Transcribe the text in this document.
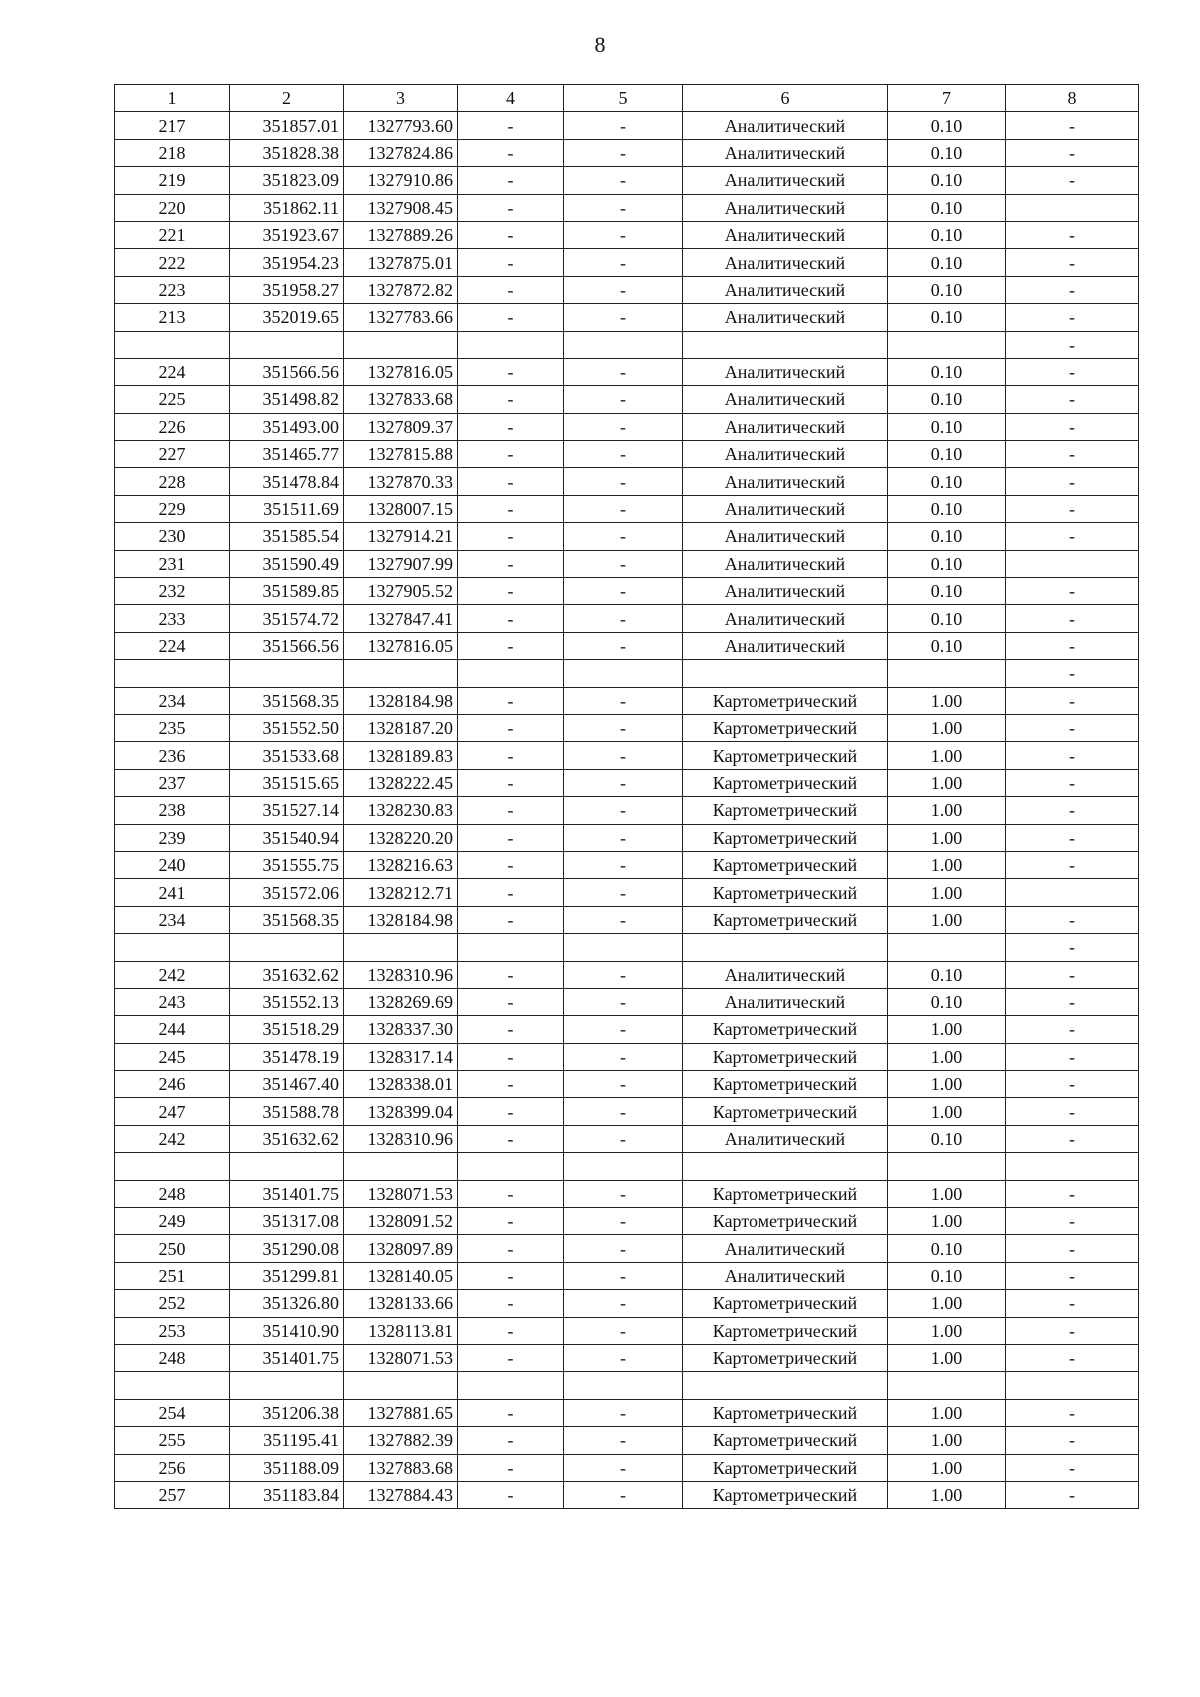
8
1	2	3	4	5	6	7	8
217	351857.01	1327793.60	-	-	Аналитический	0.10	-
218	351828.38	1327824.86	-	-	Аналитический	0.10	-
219	351823.09	1327910.86	-	-	Аналитический	0.10	-
220	351862.11	1327908.45	-	-	Аналитический	0.10	
221	351923.67	1327889.26	-	-	Аналитический	0.10	-
222	351954.23	1327875.01	-	-	Аналитический	0.10	-
223	351958.27	1327872.82	-	-	Аналитический	0.10	-
213	352019.65	1327783.66	-	-	Аналитический	0.10	-
							-
224	351566.56	1327816.05	-	-	Аналитический	0.10	-
225	351498.82	1327833.68	-	-	Аналитический	0.10	-
226	351493.00	1327809.37	-	-	Аналитический	0.10	-
227	351465.77	1327815.88	-	-	Аналитический	0.10	-
228	351478.84	1327870.33	-	-	Аналитический	0.10	-
229	351511.69	1328007.15	-	-	Аналитический	0.10	-
230	351585.54	1327914.21	-	-	Аналитический	0.10	-
231	351590.49	1327907.99	-	-	Аналитический	0.10	
232	351589.85	1327905.52	-	-	Аналитический	0.10	-
233	351574.72	1327847.41	-	-	Аналитический	0.10	-
224	351566.56	1327816.05	-	-	Аналитический	0.10	-
							-
234	351568.35	1328184.98	-	-	Картометрический	1.00	-
235	351552.50	1328187.20	-	-	Картометрический	1.00	-
236	351533.68	1328189.83	-	-	Картометрический	1.00	-
237	351515.65	1328222.45	-	-	Картометрический	1.00	-
238	351527.14	1328230.83	-	-	Картометрический	1.00	-
239	351540.94	1328220.20	-	-	Картометрический	1.00	-
240	351555.75	1328216.63	-	-	Картометрический	1.00	-
241	351572.06	1328212.71	-	-	Картометрический	1.00	
234	351568.35	1328184.98	-	-	Картометрический	1.00	-
							-
242	351632.62	1328310.96	-	-	Аналитический	0.10	-
243	351552.13	1328269.69	-	-	Аналитический	0.10	-
244	351518.29	1328337.30	-	-	Картометрический	1.00	-
245	351478.19	1328317.14	-	-	Картометрический	1.00	-
246	351467.40	1328338.01	-	-	Картометрический	1.00	-
247	351588.78	1328399.04	-	-	Картометрический	1.00	-
242	351632.62	1328310.96	-	-	Аналитический	0.10	-

248	351401.75	1328071.53	-	-	Картометрический	1.00	-
249	351317.08	1328091.52	-	-	Картометрический	1.00	-
250	351290.08	1328097.89	-	-	Аналитический	0.10	-
251	351299.81	1328140.05	-	-	Аналитический	0.10	-
252	351326.80	1328133.66	-	-	Картометрический	1.00	-
253	351410.90	1328113.81	-	-	Картометрический	1.00	-
248	351401.75	1328071.53	-	-	Картометрический	1.00	-

254	351206.38	1327881.65	-	-	Картометрический	1.00	-
255	351195.41	1327882.39	-	-	Картометрический	1.00	-
256	351188.09	1327883.68	-	-	Картометрический	1.00	-
257	351183.84	1327884.43	-	-	Картометрический	1.00	-
